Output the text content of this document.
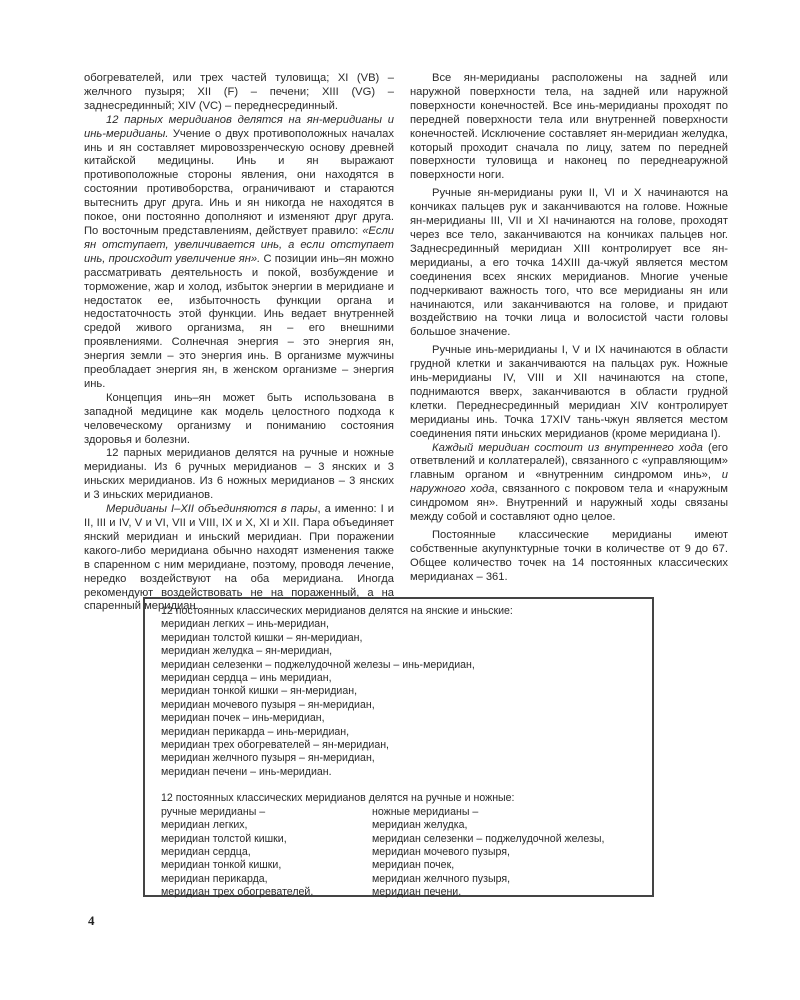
обогревателей, или трех частей туловища; XI (VB) – желчного пузыря; XII (F) – печени; XIII (VG) – заднесрединный; XIV (VC) – переднесрединный.

12 парных меридианов делятся на ян-меридианы и инь-меридианы. Учение о двух противоположных началах инь и ян составляет мировоззренческую основу древней китайской медицины. Инь и ян выражают противоположные стороны явления, они находятся в состоянии противоборства, ограничивают и стараются вытеснить друг друга. Инь и ян никогда не находятся в покое, они постоянно дополняют и изменяют друг друга. По восточным представлениям, действует правило: «Если ян отступает, увеличивается инь, а если отступает инь, происходит увеличение ян». С позиции инь–ян можно рассматривать деятельность и покой, возбуждение и торможение, жар и холод, избыток энергии в меридиане и недостаток ее, избыточность функции органа и недостаточность этой функции. Инь ведает внутренней средой живого организма, ян – его внешними проявлениями. Солнечная энергия – это энергия ян, энергия земли – это энергия инь. В организме мужчины преобладает энергия ян, в женском организме – энергия инь.

Концепция инь–ян может быть использована в западной медицине как модель целостного подхода к человеческому организму и пониманию состояния здоровья и болезни.

12 парных меридианов делятся на ручные и ножные меридианы. Из 6 ручных меридианов – 3 янских и 3 иньских меридианов. Из 6 ножных меридианов – 3 янских и 3 иньских меридианов.

Меридианы I–XII объединяются в пары, а именно: I и II, III и IV, V и VI, VII и VIII, IX и X, XI и XII. Пара объединяет янский меридиан и иньский меридиан. При поражении какого-либо меридиана обычно находят изменения также в спаренном с ним меридиане, поэтому, проводя лечение, нередко воздействуют на оба меридиана. Иногда рекомендуют воздействовать не на пораженный, а на спаренный меридиан.

Все ян-меридианы расположены на задней или наружной поверхности тела, на задней или наружной поверхности конечностей. Все инь-меридианы проходят по передней поверхности тела или внутренней поверхности конечностей. Исключение составляет ян-меридиан желудка, который проходит сначала по лицу, затем по передней поверхности туловища и наконец по переднеаружной поверхности ноги.

Ручные ян-меридианы руки II, VI и X начинаются на кончиках пальцев рук и заканчиваются на голове. Ножные ян-меридианы III, VII и XI начинаются на голове, проходят через все тело, заканчиваются на кончиках пальцев ног. Заднесрединный меридиан XIII контролирует все ян-меридианы, а его точка 14XIII да-чжуй является местом соединения всех янских меридианов. Многие ученые подчеркивают важность того, что все меридианы ян или начинаются, или заканчиваются на голове, и придают воздействию на точки лица и волосистой части головы большое значение.

Ручные инь-меридианы I, V и IX начинаются в области грудной клетки и заканчиваются на пальцах рук. Ножные инь-меридианы IV, VIII и XII начинаются на стопе, поднимаются вверх, заканчиваются в области грудной клетки. Переднесрединный меридиан XIV контролирует меридианы инь. Точка 17XIV тань-чжун является местом соединения пяти иньских меридианов (кроме меридиана I).

Каждый меридиан состоит из внутреннего хода (его ответвлений и коллатералей), связанного с «управляющим» главным органом и «внутренним синдромом инь», и наружного хода, связанного с покровом тела и «наружным синдромом ян». Внутренний и наружный ходы связаны между собой и составляют одно целое.

Постоянные классические меридианы имеют собственные акупунктурные точки в количестве от 9 до 67. Общее количество точек на 14 постоянных классических меридианах – 361.

12 постоянных классических меридианов делятся на янские и иньские:
меридиан легких – инь-меридиан,
меридиан толстой кишки – ян-меридиан,
меридиан желудка – ян-меридиан,
меридиан селезенки – поджелудочной железы – инь-меридиан,
меридиан сердца – инь меридиан,
меридиан тонкой кишки – ян-меридиан,
меридиан мочевого пузыря – ян-меридиан,
меридиан почек – инь-меридиан,
меридиан перикарда – инь-меридиан,
меридиан трех обогревателей – ян-меридиан,
меридиан желчного пузыря – ян-меридиан,
меридиан печени – инь-меридиан.
12 постоянных классических меридианов делятся на ручные и ножные:
ручные меридианы –
меридиан легких,
меридиан толстой кишки,
меридиан сердца,
меридиан тонкой кишки,
меридиан перикарда,
меридиан трех обогревателей.
ножные меридианы –
меридиан желудка,
меридиан селезенки – поджелудочной железы,
меридиан мочевого пузыря,
меридиан почек,
меридиан желчного пузыря,
меридиан печени.
4
